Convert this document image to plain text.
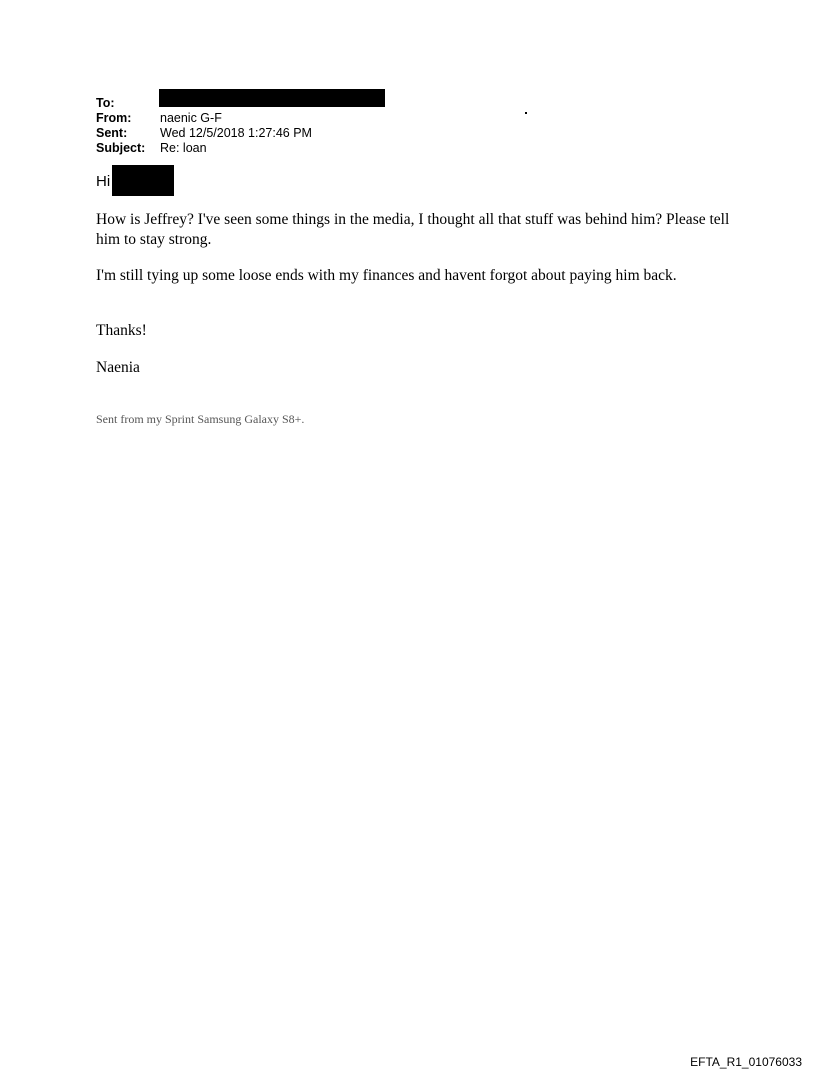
To:
From:	naenic G-F
Sent:	Wed 12/5/2018 1:27:46 PM
Subject:	Re: loan
Hi
How is Jeffrey? I've seen some things in the media, I thought all that stuff was behind him? Please tell him to stay strong.
I'm still tying up some loose ends with my finances and havent forgot about paying him back.
Thanks!
Naenia
Sent from my Sprint Samsung Galaxy S8+.
EFTA_R1_01076033
